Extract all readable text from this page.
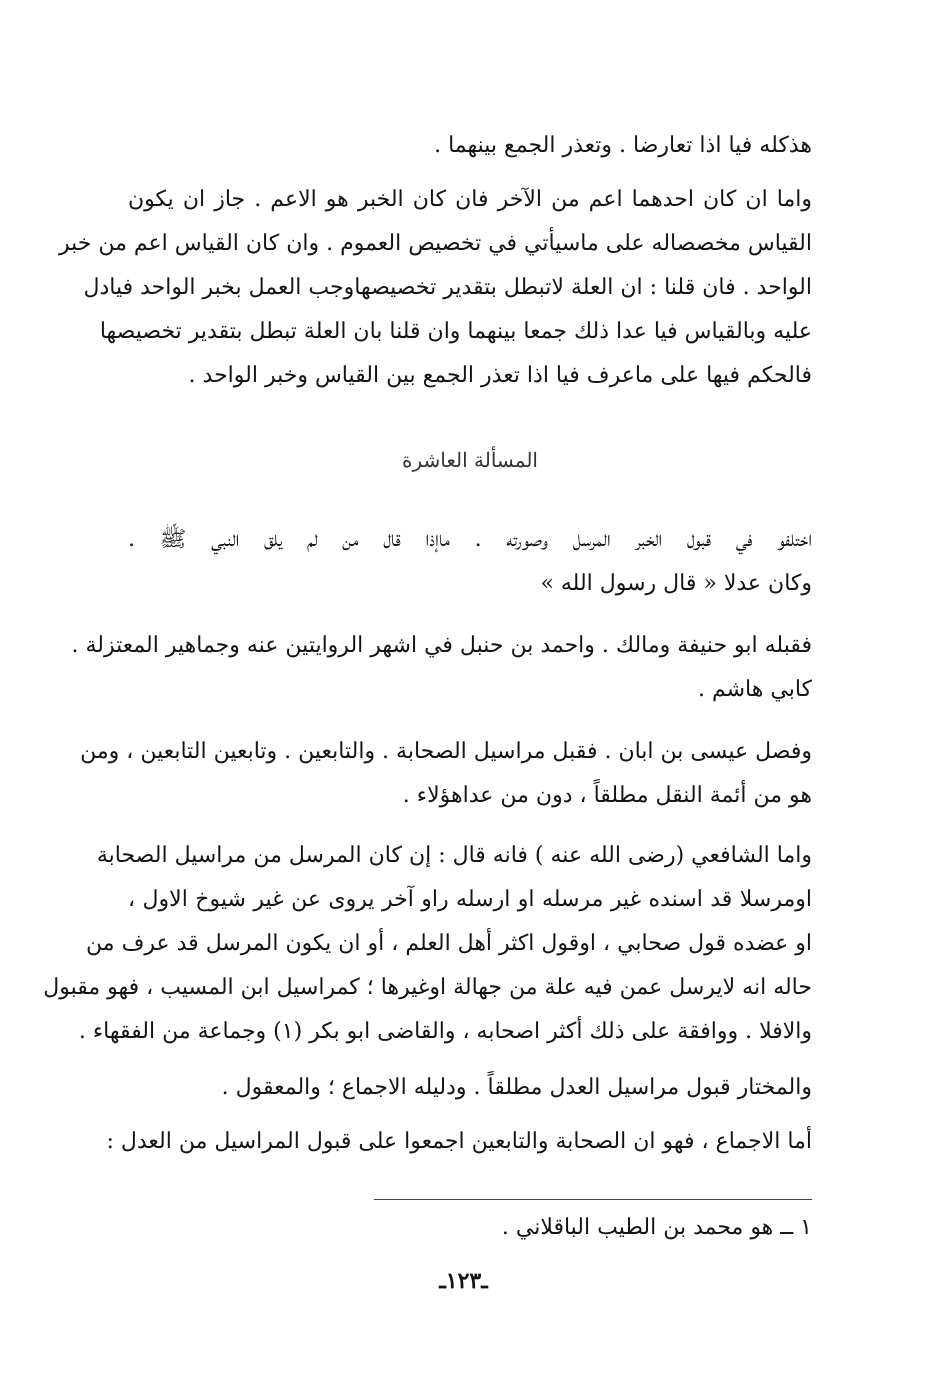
هذكله فيا اذا تعارضا . وتعذر الجمع بينهما .
واما ان كان احدهما اعم من الآخر فان كان الخبر هو الاعم . جاز ان يكون
القياس مخصصاله على ماسيأتي في تخصيص العموم . وان كان القياس اعم من خبر
الواحد . فان قلنا : ان العلة لاتبطل بتقدير تخصيصهاوجب العمل بخبر الواحد فيادل
عليه وبالقياس فيا عدا ذلك جمعا بينهما وان قلنا بان العلة تبطل بتقدير تخصيصها
فالحكم فيها على ماعرف فيا اذا تعذر الجمع بين القياس وخبر الواحد .
المسألة العاشرة
اختلفو في قبول الخبر المرسل وصورته . ماإذا قال من لم يلق النبي ﷺ .
وكان عدلا « قال رسول الله »
فقبله ابو حنيفة ومالك . واحمد بن حنبل في اشهر الروايتين عنه وجماهير المعتزلة .
كابي هاشم .
وفصل عيسى بن ابان . فقبل مراسيل الصحابة . والتابعين . وتابعين التابعين ، ومن
هو من أئمة النقل مطلقاً ، دون من عداهؤلاء .
واما الشافعي (رضى الله عنه ) فانه قال : إن كان المرسل من مراسيل الصحابة
اومرسلا قد اسنده غير مرسله او ارسله راو آخر يروى عن غير شيوخ الاول ،
او عضده قول صحابي ، اوقول اكثر أهل العلم ، أو ان يكون المرسل قد عرف من
حاله انه لايرسل عمن فيه علة من جهالة اوغيرها ؛ كمراسيل ابن المسيب ، فهو مقبول
والافلا . ووافقة على ذلك أكثر اصحابه ، والقاضى ابو بكر (١) وجماعة من الفقهاء .
والمختار قبول مراسيل العدل مطلقاً . ودليله الاجماع ؛ والمعقول .
أما الاجماع ، فهو ان الصحابة والتابعين اجمعوا على قبول المراسيل من العدل :
١ ــ هو محمد بن الطيب الباقلاني .
ـ١٢٣ـ
